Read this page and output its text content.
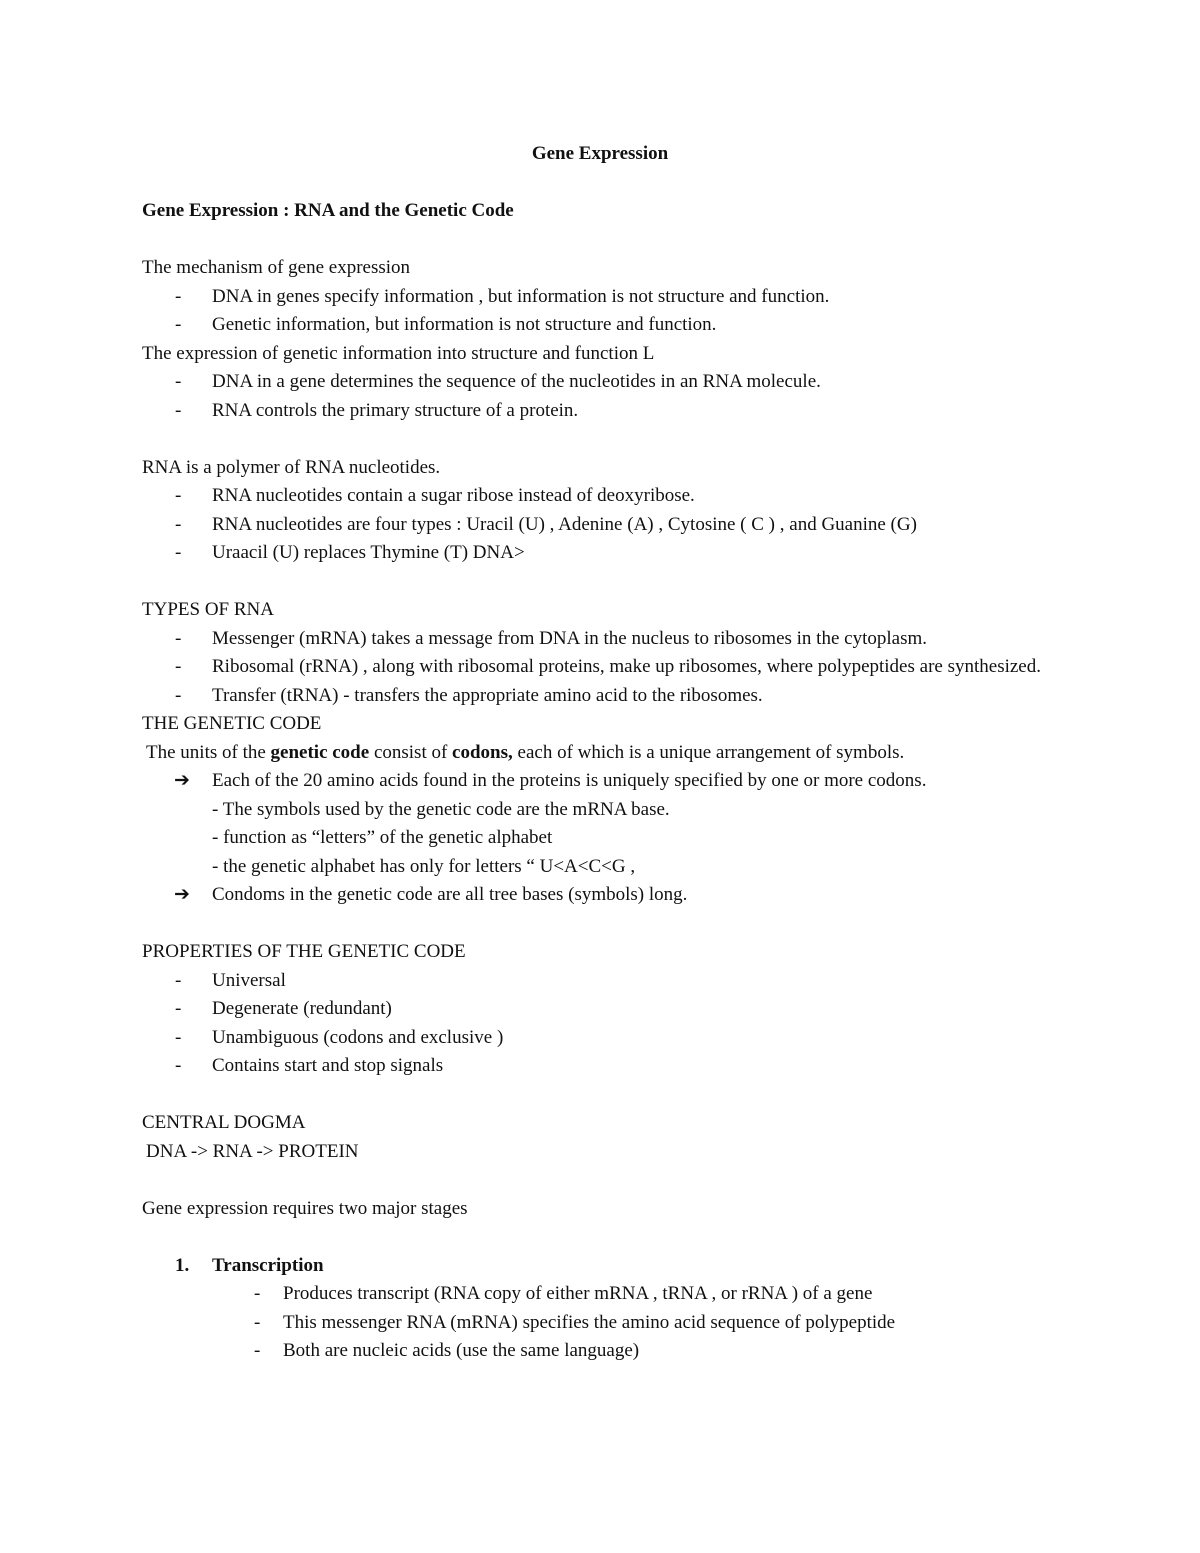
Gene Expression
Gene Expression : RNA and the Genetic Code
The mechanism of gene expression
- DNA in genes specify information , but information is not structure and function.
- Genetic information, but information is not structure and function.
The expression of genetic information into structure and function L
- DNA in a gene determines the sequence of the nucleotides in an RNA molecule.
- RNA controls the primary structure of a protein.
RNA is a polymer of RNA nucleotides.
- RNA nucleotides contain a sugar ribose instead of deoxyribose.
- RNA nucleotides are four types : Uracil (U) , Adenine (A) , Cytosine ( C ) , and Guanine (G)
- Uraacil (U) replaces Thymine (T) DNA>
TYPES OF RNA
- Messenger (mRNA) takes a message from DNA in the nucleus to ribosomes in the cytoplasm.
- Ribosomal (rRNA) , along with ribosomal proteins, make up ribosomes, where polypeptides are synthesized.
- Transfer (tRNA) - transfers the appropriate amino acid to the ribosomes.
THE GENETIC CODE
The units of the genetic code consist of codons, each of which is a unique arrangement of symbols.
➔ Each of the 20 amino acids found in the proteins is uniquely specified by one or more codons.
- The symbols used by the genetic code are the mRNA base.
- function as “letters” of the genetic alphabet
- the genetic alphabet has only for letters “ U<A<C<G ,
➔ Condoms in the genetic code are all tree bases (symbols) long.
PROPERTIES OF THE GENETIC CODE
- Universal
- Degenerate (redundant)
- Unambiguous (codons and exclusive )
- Contains start and stop signals
CENTRAL DOGMA
DNA -> RNA -> PROTEIN
Gene expression requires two major stages
1. Transcription
- Produces transcript (RNA copy of either mRNA , tRNA , or rRNA ) of a gene
- This messenger RNA (mRNA) specifies the amino acid sequence of polypeptide
- Both are nucleic acids (use the same language)
